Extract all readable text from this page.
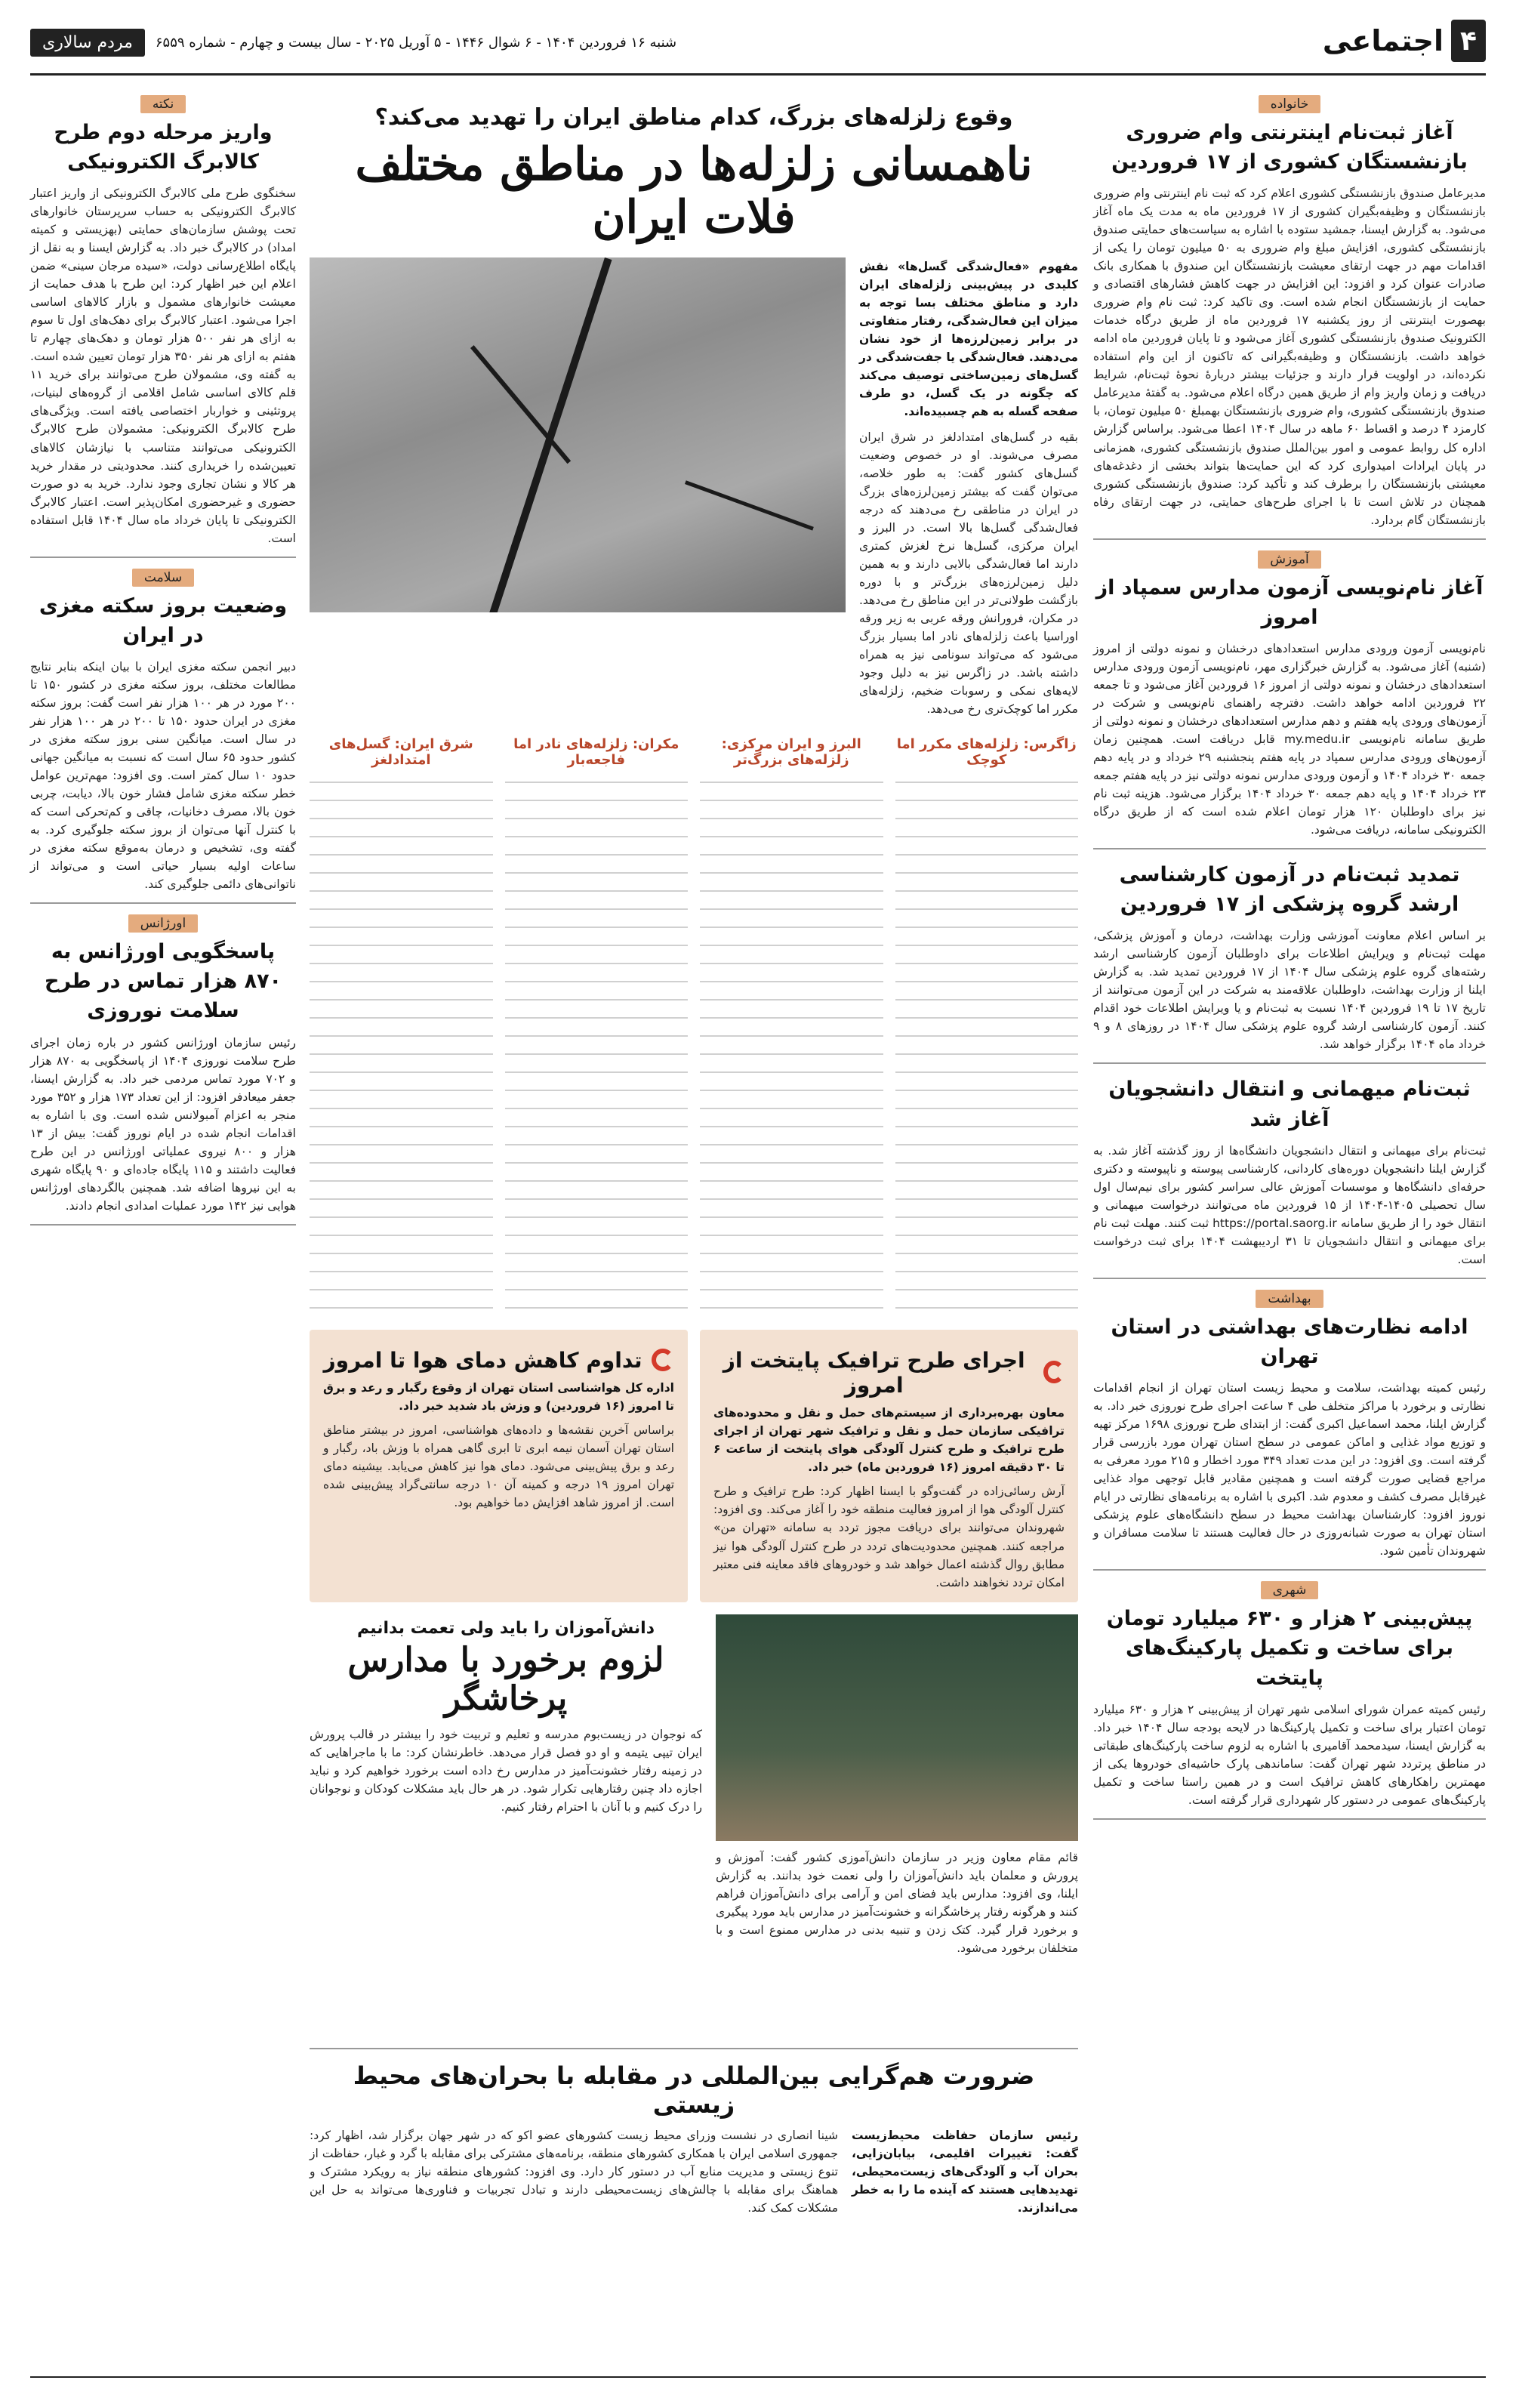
۴
اجتماعی
شنبه ۱۶ فروردین ۱۴۰۴ - ۶ شوال ۱۴۴۶ - ۵ آوریل ۲۰۲۵ - سال بیست و چهارم - شماره ۶۵۵۹
مردم سالاری
خانواده
آغاز ثبت‌نام اینترنتی وام ضروری بازنشستگان کشوری از ۱۷ فروردین
مدیرعامل صندوق بازنشستگی کشوری اعلام کرد که ثبت نام اینترنتی وام ضروری بازنشستگان و وظیفه‌بگیران کشوری از ۱۷ فروردین ماه به مدت یک ماه آغاز می‌شود. به گزارش ایسنا، جمشید ستوده با اشاره به سیاست‌های حمایتی صندوق بازنشستگی کشوری، افزایش مبلغ وام ضروری به ۵۰ میلیون تومان را یکی از اقدامات مهم در جهت ارتقای معیشت بازنشستگان این صندوق با همکاری بانک صادرات عنوان کرد و افزود: این افزایش در جهت کاهش فشارهای اقتصادی و حمایت از بازنشستگان انجام شده است. وی تاکید کرد: ثبت نام وام ضروری بهصورت اینترنتی از روز یکشنبه ۱۷ فروردین ماه از طریق درگاه خدمات الکترونیک صندوق بازنشستگی کشوری آغاز می‌شود و تا پایان فروردین ماه ادامه خواهد داشت. بازنشستگان و وظیفه‌بگیرانی که تاکنون از این وام استفاده نکرده‌اند، در اولویت قرار دارند و جزئیات بیشتر دربارهٔ نحوهٔ ثبت‌نام، شرایط دریافت و زمان واریز وام از طریق همین درگاه اعلام می‌شود. به گفتهٔ مدیرعامل صندوق بازنشستگی کشوری، وام ضروری بازنشستگان بهمبلغ ۵۰ میلیون تومان، با کارمزد ۴ درصد و اقساط ۶۰ ماهه در سال ۱۴۰۴ اعطا می‌شود. براساس گزارش اداره کل روابط عمومی و امور بین‌الملل صندوق بازنشستگی کشوری، همزمانی در پایان ایرادات امیدواری کرد که این حمایت‌ها بتواند بخشی از دغدغه‌های معیشتی بازنشستگان را برطرف کند و تأکید کرد: صندوق بازنشستگی کشوری همچنان در تلاش است تا با اجرای طرح‌های حمایتی، در جهت ارتقای رفاه بازنشستگان گام بردارد.
آموزش
آغاز نام‌نویسی آزمون مدارس سمپاد از امروز
نام‌نویسی آزمون ورودی مدارس استعدادهای درخشان و نمونه دولتی از امروز (شنبه) آغاز می‌شود. به گزارش خبرگزاری مهر، نام‌نویسی آزمون ورودی مدارس استعدادهای درخشان و نمونه دولتی از امروز ۱۶ فروردین آغاز می‌شود و تا جمعه ۲۲ فروردین ادامه خواهد داشت. دفترچه راهنمای نام‌نویسی و شرکت در آزمون‌های ورودی پایه هفتم و دهم مدارس استعدادهای درخشان و نمونه دولتی از طریق سامانه نام‌نویسی my.medu.ir قابل دریافت است. همچنین زمان آزمون‌های ورودی مدارس سمپاد در پایه هفتم پنجشنبه ۲۹ خرداد و در پایه دهم جمعه ۳۰ خرداد ۱۴۰۴ و آزمون ورودی مدارس نمونه دولتی نیز در پایه هفتم جمعه ۲۳ خرداد ۱۴۰۴ و پایه دهم جمعه ۳۰ خرداد ۱۴۰۴ برگزار می‌شود. هزینه ثبت نام نیز برای داوطلبان ۱۲۰ هزار تومان اعلام شده است که از طریق درگاه الکترونیکی سامانه، دریافت می‌شود.
تمدید ثبت‌نام در آزمون کارشناسی ارشد گروه پزشکی از ۱۷ فروردین
بر اساس اعلام معاونت آموزشی وزارت بهداشت، درمان و آموزش پزشکی، مهلت ثبت‌نام و ویرایش اطلاعات برای داوطلبان آزمون کارشناسی ارشد رشته‌های گروه علوم پزشکی سال ۱۴۰۴ از ۱۷ فروردین تمدید شد. به گزارش ایلنا از وزارت بهداشت، داوطلبان علاقه‌مند به شرکت در این آزمون می‌توانند از تاریخ ۱۷ تا ۱۹ فروردین ۱۴۰۴ نسبت به ثبت‌نام و یا ویرایش اطلاعات خود اقدام کنند. آزمون کارشناسی ارشد گروه علوم پزشکی سال ۱۴۰۴ در روزهای ۸ و ۹ خرداد ماه ۱۴۰۴ برگزار خواهد شد.
ثبت‌نام میهمانی و انتقال دانشجویان آغاز شد
ثبت‌نام برای میهمانی و انتقال دانشجویان دانشگاه‌ها از روز گذشته آغاز شد. به گزارش ایلنا دانشجویان دوره‌های کاردانی، کارشناسی پیوسته و ناپیوسته و دکتری حرفه‌ای دانشگاه‌ها و موسسات آموزش عالی سراسر کشور برای نیم‌سال اول سال تحصیلی ۱۴۰۵-۱۴۰۴ از ۱۵ فروردین ماه می‌توانند درخواست میهمانی و انتقال خود را از طریق سامانه https://portal.saorg.ir ثبت کنند. مهلت ثبت نام برای میهمانی و انتقال دانشجویان تا ۳۱ اردیبهشت ۱۴۰۴ برای ثبت درخواست است.
بهداشت
ادامه نظارت‌های بهداشتی در استان تهران
رئیس کمیته بهداشت، سلامت و محیط زیست استان تهران از انجام اقدامات نظارتی و برخورد با مراکز متخلف طی ۴ ساعت اجرای طرح نوروزی خبر داد. به گزارش ایلنا، محمد اسماعیل اکبری گفت: از ابتدای طرح نوروزی ۱۶۹۸ مرکز تهیه و توزیع مواد غذایی و اماکن عمومی در سطح استان تهران مورد بازرسی قرار گرفته است. وی افزود: در این مدت تعداد ۳۴۹ مورد اخطار و ۲۱۵ مورد معرفی به مراجع قضایی صورت گرفته است و همچنین مقادیر قابل توجهی مواد غذایی غیرقابل مصرف کشف و معدوم شد. اکبری با اشاره به برنامه‌های نظارتی در ایام نوروز افزود: کارشناسان بهداشت محیط در سطح دانشگاه‌های علوم پزشکی استان تهران به صورت شبانه‌روزی در حال فعالیت هستند تا سلامت مسافران و شهروندان تأمین شود.
شهری
پیش‌بینی ۲ هزار و ۶۳۰ میلیارد تومان برای ساخت و تکمیل پارکینگ‌های پایتخت
رئیس کمیته عمران شورای اسلامی شهر تهران از پیش‌بینی ۲ هزار و ۶۳۰ میلیارد تومان اعتبار برای ساخت و تکمیل پارکینگ‌ها در لایحه بودجه سال ۱۴۰۴ خبر داد. به گزارش ایسنا، سید‌محمد آقامیری با اشاره به لزوم ساخت پارکینگ‌های طبقاتی در مناطق پرتردد شهر تهران گفت: ساماندهی پارک حاشیه‌ای خودروها یکی از مهمترین راهکارهای کاهش ترافیک است و در همین راستا ساخت و تکمیل پارکینگ‌های عمومی در دستور کار شهرداری قرار گرفته است.
وقوع زلزله‌های بزرگ، کدام مناطق ایران را تهدید می‌کند؟
ناهمسانی زلزله‌ها در مناطق مختلف فلات ایران
مفهوم «فعال‌شدگی گسل‌ها» نقش کلیدی در پیش‌بینی زلزله‌های ایران دارد و مناطق مختلف بسا توجه به میزان این فعال‌شدگی، رفتار متفاوتی در برابر زمین‌لرزه‌ها از خود نشان می‌دهند. فعال‌شدگی یا جفت‌شدگی در گسل‌های زمین‌ساختی توصیف می‌کند که چگونه در یک گسل، دو طرف صفحه گسله به هم چسبیده‌اند.
بقیه در گسل‌های امتدادلغز در شرق ایران مصرف می‌شوند. او در خصوص وضعیت گسل‌های کشور گفت: به طور خلاصه، می‌توان گفت که بیشتر زمین‌لرزه‌های بزرگ در ایران در مناطقی رخ می‌دهند که درجه فعال‌شدگی گسل‌ها بالا است. در البرز و ایران مرکزی، گسل‌ها نرخ لغزش کمتری دارند اما فعال‌شدگی بالایی دارند و به همین دلیل زمین‌لرزه‌های بزرگ‌تر و با دوره بازگشت طولانی‌تر در این مناطق رخ می‌دهد. در مکران، فرورانش ورقه عربی به زیر ورقه اوراسیا باعث زلزله‌های نادر اما بسیار بزرگ می‌شود که می‌تواند سونامی نیز به همراه داشته باشد. در زاگرس نیز به دلیل وجود لایه‌های نمکی و رسوبات ضخیم، زلزله‌های مکرر اما کوچک‌تری رخ می‌دهد.
زاگرس: زلزله‌های مکرر اما کوچک
البرز و ایران مرکزی: زلزله‌های بزرگ‌تر
مکران: زلزله‌های نادر اما فاجعه‌بار
شرق ایران: گسل‌های امتدادلغز
اجرای طرح ترافیک پایتخت از امروز
معاون بهره‌برداری از سیستم‌های حمل و نقل و محدوده‌های ترافیکی سازمان حمل و نقل و ترافیک شهر تهران از اجرای طرح ترافیک و طرح کنترل آلودگی هوای پایتخت از ساعت ۶ تا ۳۰ دقیقه امروز (۱۶ فروردین ماه) خبر داد.
آرش رسائی‌زاده در گفت‌وگو با ایسنا اظهار کرد: طرح ترافیک و طرح کنترل آلودگی هوا از امروز فعالیت منطقه خود را آغاز می‌کند. وی افزود: شهروندان می‌توانند برای دریافت مجوز تردد به سامانه «تهران من» مراجعه کنند. همچنین محدودیت‌های تردد در طرح کنترل آلودگی هوا نیز مطابق روال گذشته اعمال خواهد شد و خودروهای فاقد معاینه فنی معتبر امکان تردد نخواهند داشت.
تداوم کاهش دمای هوا تا امروز
اداره کل هواشناسی استان تهران از وقوع رگبار و رعد و برق تا امروز (۱۶ فروردین) و وزش باد شدید خبر داد.
براساس آخرین نقشه‌ها و داده‌های هواشناسی، امروز در بیشتر مناطق استان تهران آسمان نیمه ابری تا ابری گاهی همراه با وزش باد، رگبار و رعد و برق پیش‌بینی می‌شود. دمای هوا نیز کاهش می‌یابد. بیشینه دمای تهران امروز ۱۹ درجه و کمینه آن ۱۰ درجه سانتی‌گراد پیش‌بینی شده است. از امروز شاهد افزایش دما خواهیم بود.
قائم مقام معاون وزیر در سازمان دانش‌آموزی کشور گفت: آموزش و پرورش و معلمان باید دانش‌آموزان را ولی نعمت خود بدانند. به گزارش ایلنا، وی افزود: مدارس باید فضای امن و آرامی برای دانش‌آموزان فراهم کنند و هرگونه رفتار پرخاشگرانه و خشونت‌آمیز در مدارس باید مورد پیگیری و برخورد قرار گیرد. کتک زدن و تنبیه بدنی در مدارس ممنوع است و با متخلفان برخورد می‌شود.
دانش‌آموزان را باید ولی تعمت بدانیم
لزوم برخورد با مدارس پرخاشگر
که نوجوان در زیست‌بوم مدرسه و تعلیم و تربیت خود را بیشتر در قالب پرورش ایران تیپی یتیمه و او دو فصل قرار می‌دهد. خاطرنشان کرد: ما با ماجراهایی که در زمینه رفتار خشونت‌آمیز در مدارس رخ داده است برخورد خواهیم کرد و نباید اجازه داد چنین رفتارهایی تکرار شود. در هر حال باید مشکلات کودکان و نوجوانان را درک کنیم و با آنان با احترام رفتار کنیم.
ضرورت هم‌گرایی بین‌المللی در مقابله با بحران‌های محیط زیستی
رئیس سازمان حفاظت محیط‌زیست گفت: تغییرات اقلیمی، بیابان‌زایی، بحران آب و آلودگی‌های زیست‌محیطی، تهدیدهایی هستند که آینده ما را به خطر می‌اندازند.
شینا انصاری در نشست وزرای محیط زیست کشورهای عضو اکو که در شهر جهان برگزار شد، اظهار کرد: جمهوری اسلامی ایران با همکاری کشورهای منطقه، برنامه‌های مشترکی برای مقابله با گرد و غبار، حفاظت از تنوع زیستی و مدیریت منابع آب در دستور کار دارد. وی افزود: کشورهای منطقه نیاز به رویکرد مشترک و هماهنگ برای مقابله با چالش‌های زیست‌محیطی دارند و تبادل تجربیات و فناوری‌ها می‌تواند به حل این مشکلات کمک کند.
نکته
واریز مرحله دوم طرح کالابرگ الکترونیکی
سخنگوی طرح ملی کالابرگ الکترونیکی از واریز اعتبار کالابرگ الکترونیکی به حساب سرپرستان خانوارهای تحت پوشش سازمان‌های حمایتی (بهزیستی و کمیته امداد) در کالابرگ خبر داد. به گزارش ایسنا و به نقل از پایگاه اطلاع‌رسانی دولت، «سیده مرجان سینی» ضمن اعلام این خبر اظهار کرد: این طرح با هدف حمایت از معیشت خانوارهای مشمول و بازار کالاهای اساسی اجرا می‌شود. اعتبار کالابرگ برای دهک‌های اول تا سوم به ازای هر نفر ۵۰۰ هزار تومان و دهک‌های چهارم تا هفتم به ازای هر نفر ۳۵۰ هزار تومان تعیین شده است. به گفته وی، مشمولان طرح می‌توانند برای خرید ۱۱ قلم کالای اساسی شامل اقلامی از گروه‌های لبنیات، پروتئینی و خواربار اختصاصی یافته است. ویژگی‌های طرح کالابرگ الکترونیکی: مشمولان طرح کالابرگ الکترونیکی می‌توانند متناسب با نیازشان کالاهای تعیین‌شده را خریداری کنند. محدودیتی در مقدار خرید هر کالا و نشان تجاری وجود ندارد. خرید به دو صورت حضوری و غیرحضوری امکان‌پذیر است. اعتبار کالابرگ الکترونیکی تا پایان خرداد ماه سال ۱۴۰۴ قابل استفاده است.
سلامت
وضعیت بروز سکته مغزی در ایران
دبیر انجمن سکته مغزی ایران با بیان اینکه بنابر نتایج مطالعات مختلف، بروز سکته مغزی در کشور ۱۵۰ تا ۲۰۰ مورد در هر ۱۰۰ هزار نفر است گفت: بروز سکته مغزی در ایران حدود ۱۵۰ تا ۲۰۰ در هر ۱۰۰ هزار نفر در سال است. میانگین سنی بروز سکته مغزی در کشور حدود ۶۵ سال است که نسبت به میانگین جهانی حدود ۱۰ سال کمتر است. وی افزود: مهم‌ترین عوامل خطر سکته مغزی شامل فشار خون بالا، دیابت، چربی خون بالا، مصرف دخانیات، چاقی و کم‌تحرکی است که با کنترل آنها می‌توان از بروز سکته جلوگیری کرد. به گفته وی، تشخیص و درمان به‌موقع سکته مغزی در ساعات اولیه بسیار حیاتی است و می‌تواند از ناتوانی‌های دائمی جلوگیری کند.
اورژانس
پاسخگویی اورژانس به ۸۷۰ هزار تماس در طرح سلامت نوروزی
رئیس سازمان اورژانس کشور در باره زمان اجرای طرح سلامت نوروزی ۱۴۰۴ از پاسخگویی به ۸۷۰ هزار و ۷۰۲ مورد تماس مردمی خبر داد. به گزارش ایسنا، جعفر میعادفر افزود: از این تعداد ۱۷۳ هزار و ۳۵۲ مورد منجر به اعزام آمبولانس شده است. وی با اشاره به اقدامات انجام شده در ایام نوروز گفت: بیش از ۱۳ هزار و ۸۰۰ نیروی عملیاتی اورژانس در این طرح فعالیت داشتند و ۱۱۵ پایگاه جاده‌ای و ۹۰ پایگاه شهری به این نیروها اضافه شد. همچنین بالگردهای اورژانس هوایی نیز ۱۴۲ مورد عملیات امدادی انجام دادند.
